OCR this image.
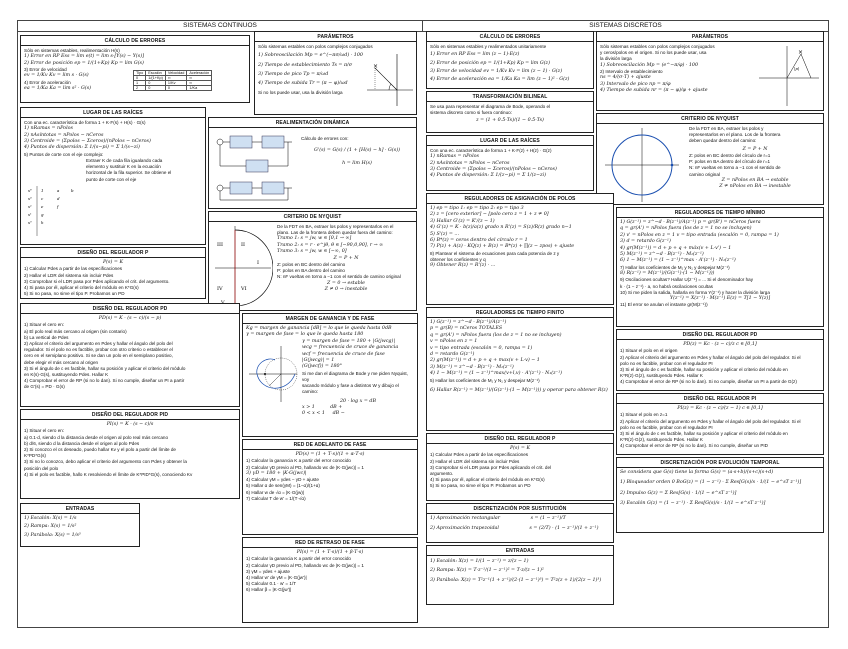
SISTEMAS CONTINUOS	SISTEMAS DISCRETOS
CÁLCULO DE ERRORES
Sólo en sistemas estables, realimentación H(s)
1) Error en RP Ess = lim e(t) = lim s·[Y(s) − Y(s)]
2) Error de posición ep = 1/(1+Kp) Kp = lim G(s)
3) Error de velocidad
ev = 1/Kv Kv = lim s · G(s)
4) Error de aceleración
ea = 1/Ka Ka = lim s² · G(s)
Tipo	Escalón	Velocidad	Aceleración
0	1/(1+Kp)	∞	∞
1	0	1/Kv	∞
2	0	0	1/Ka
PARÁMETROS
Sólo sistemas estables con polos complejos conjugados
1) Sobreoscilación Mp = e^(−πσ/ωd) · 100
2) Tiempo de establecimiento Ts = π/σ
3) Tiempo de pico Tp = π/ωd
4) Tiempo de subida Tr = (π − φ)/ωd
Si no los puede usar, usa la división larga
×
LUGAR DE LAS RAÍCES
Con una ec. característica de forma 1 + K·F(s) + H(s) · G(s)
1) nRamas = nPolos
2) nAsíntotas = nPolos − nCeros
3) Centroide = (Σpolos − Σceros)/(nPolos − nCeros)
4) Puntos de dispersión: Σ 1/(s−pi) = Σ 1/(s−zi)
5) Puntos de corte con el eje complejo:
Extraer K de cada fila igualando cada
elemento y sustituir K en la ecuación
horizontal de la fila superior. Se obtiene el
punto de corte con el eje
s⁴ 1	a	b
s³ c	d
s² e	f
s¹ g
s⁰ h
REALIMENTACIÓN DINÁMICA
Cálculo de errores con:
G'(s) = G(s) / (1 + [H(s) − h] · G(s))
h = lim H(s)
CRITERIO DE NYQUIST
III	II
IV	VI
I
De la FDT en BA, extraer los polos y representarlos en el
plano. Las de la frontera deben quedar fuera del camino:
Tramo 1: s = jw, w ∈ [0,1 → ∞]
Tramo 2: s = r · e^jθ, θ ∈ [−90,0,90], r → ∞
Tramo 3: s = jw, w ∈ [−∞, 0]
Z = P + N
Z: polos en BC dentro del camino
P: polos en BA dentro del camino
N: nF vueltas en torno a −1 con el sentido de camino original
Z = 0 → estable
Z ≠ 0 → inestable
DISEÑO DEL REGULADOR P
P(s) = K
1) Calcular Pdes a partir de las especificaciones
2) Hallar el LDR del sistema sin incluir Pdes
3) Comprobar si el LDR pasa por Pdes aplicando el crit. del argumento.
4) Si pasa por él, aplicar el criterio del módulo en K*G(s)
5) Si no pasa, no sirve el tipo P. Probamos un PD
DISEÑO DEL REGULADOR PD
PD(s) = K · (s − c)/(s − p)
1) Situar el cero en:
a) El polo real más cercano al origen (sin contario)
b) La vertical de Pdes
2) Aplicar el criterio del argumento en Pdes y hallar el ángulo del polo del
regulador. Si el polo no es factible, probar con otro criterio o establecer el
cero en el semiplano positivo. Si se dan un polo en el semiplano positivo,
debe elegir el más cercano al origen
3) Si el ángulo de c es factible, hallar su posición y aplicar el criterio del módulo
en K(s)·G(s), sustituyendo Pdes. Hallar K
4) Comprobar el error de RP (si no lo dan). Si no cumple, diseñar un PI a partir
de G'(s) = PD · G(s)
DISEÑO DEL REGULADOR PID
PI(s) = K · (s − c)/s
1) Situar el cero en:
a) 0.1·d, siendo d la distancia desde el origen al polo real más cercano
b) d/6, siendo d la distancia desde el origen al polo Pdes
2) Si conozco el cs deseado, puedo hallar Kv y el polo a partir del límite de
K*PD*G(s)
3) Si no lo conozco, debo aplicar el criterio del argumento con Pdes y obtener la
posición del polo
4) Si el polo es factible, hallo K resolviendo el límite de K*PID*G(s), conociendo Kv
ENTRADAS
1) Escalón: X(s) = 1/s
2) Rampa: X(s) = 1/s²
3) Parábola: X(s) = 1/s³
MARGEN DE GANANCIA Y DE FASE
Kg = margen de ganancia [dB] = lo que le queda hasta 0dB
γ = margen de fase = lo que le queda hasta 180
γ = margen de fase = 180 + |G(jwcg)|
wcg = frecuencia de cruce de ganancia
wcf = frecuencia de cruce de fase
|G(jwcg)| = 1
(G(jwcf)) = 180°
Si me dan el diagrama de Bode y me piden Nyquist, voy
sacando módulo y fase a distintos W y dibujo el camino:
20 · log x = dB
x > 1          dB +
0 < x < 1     dB −
RED DE ADELANTO DE FASE
PD(s) = (1 + T·s)/(1 + α·T·s)
1) Calcular la ganancia K a partir del error conocido
2) Calcular γD previo al PD, hallando wc de |K·G(jwc)| = 1
3) γD = 180 + |K·G(jwc)|
4) Calcular γM = γdes − γD + ajuste
5) Hallar α de sen(γM) = (1−α)/(1+α)
6) Hallar w de √α = |K·G(jw)|
7) Calcular T de w' = 1/(T·√α)
RED DE RETRASO DE FASE
PI(s) = (1 + T·s)/(1 + β·T·s)
1) Calcular la ganancia K a partir del error conocido
2) Calcular γD previo al PD, hallando wc de |K·G(jwc)| = 1
3) γM = γdes + ajuste
4) Hallar w' de γM = |K·G(jw')|
5) Calcular 0.1 · w' = 1/T
6) Hallar β = |K·G(jw')|
CÁLCULO DE ERRORES
Sólo en sistemas estables y realimentados unitariamente
1) Error en RP Ess = lim (z − 1)·E(z)
2) Error de posición ep = 1/(1+Kp) Kp = lim G(z)
3) Error de velocidad ev = 1/Kv Kv = lim (z − 1) · G(z)
4) Error de aceleración ea = 1/Ka Ka = lim (z − 1)² · G(z)
PARÁMETROS
Sólo sistemas estables con polos complejos conjugados
y ceros/polos en el origen. Si no los puede usar, usa
la división larga
1) Sobreoscilación Mp = (e^−π/φ) · 100
2) Intervalo de establecimiento
ns = 4/(σ·T) + ajuste
3) Intervalo de pico np = π/φ
4) Tiempo de subida nr = (π − φ)/φ + ajuste
×
|p|
TRANSFORMACIÓN BILINEAL
Se usa para representar el diagrama de Bode, operando el
sistema discreto como si fuera continuo:
z = (1 + 0.5·Ts)/(1 − 0.5·Ts)
LUGAR DE LAS RAÍCES
Con una ec. característica de forma 1 + K·F(z) + H(z) · G(z)
1) nRamas = nPolos
2) nAsíntotas = nPolos − nCeros
3) Centroide = (Σpolos − Σceros)/(nPolos − nCeros)
4) Puntos de dispersión: Σ 1/(z−pi) = Σ 1/(z−zi)
CRITERIO DE NYQUIST
De la FDT en BA, extraer los polos y
representarlos en el plano. Los de la frontera
deben quedar dentro del camino:
Z = P + N
Z: polos en BC dentro del círculo de r=1
P: polos en BA dentro del círculo de r=1
N: nF vueltas en torno a −1 con el sentido de
camino original
Z = nPolos en BA → estable
Z ≠ nPolos en BA → inestable
REGULADORES DE ASIGNACIÓN DE POLOS
1) ep = tipo 1: ep = tipo 2: ep = tipo 3
2) z = [cero exterior] − [polo cero z = 1 + z ≠ 0]
3) Hallar G'(z) = K'/(z − 1)
4) G'(z) = K · b(z)/a(z) grado n R'(z) = S(z)/R(z) grado n−1
5) S'(z) = ...
6) B*(z) = ceros dentro del círculo r = 1
7) P(z) + A(z) · KQ(z) + B(z) = B*(z) + ∏(z − zpos) + ajuste
8) Plantear el sistema de ecuaciones para cada potencia de z y
obtener los coeficientes y q
9) Obtener R(z) = R'(z) · ...
REGULADORES DE TIEMPO FINITO
1) G(z⁻¹) = z^−d · B(z⁻¹)/A(z⁻¹)
p = gr(B) = nCeros TOTALES
q = gr(A') = nPolos fuera (los de z = 1 no se incluyen)
v = nPolos en z = 1
v = tipo entrada (escalón = 0, rampa = 1)
d = retardo G(z⁻¹)
2) gr(M(z⁻¹)) = d + p + q + max(v + L·v) − 1
3) M(z⁻¹) = z^−d · B(z⁻¹) · M₁(z⁻¹)
4) 1 − M(z⁻¹) = (1 − z⁻¹)^max(v+l,v) · A'(z⁻¹) · N₁(z⁻¹)
5) Hallar los coeficientes de M₁ y N₁ y despejar M(z⁻¹)
6) Hallar R(z⁻¹) = M(z⁻¹)/(G(z⁻¹)·(1 − M(z⁻¹))) y operar para obtener R(z)
REGULADORES DE TIEMPO MÍNIMO
1) G(z⁻¹) = z^−d · B(z⁻¹)/A(z⁻¹) p = gr(B') = nCeros fuera
q = gr(A') = nPolos fuera (los de z = 1 no se incluyen)
2) v' = nPolos en z = 1 v = tipo entrada (escalón = 0, rampa = 1)
3) d = retardo G(z⁻¹)
4) gr(M(z⁻¹)) = d + p + q + máx(v + L·v') − 1
5) M(z⁻¹) = z^−d · B(z⁻¹) · M₁(z⁻¹)
6) 1 − M(z⁻¹) = (1 − z⁻¹)^max · A'(z⁻¹) · N₁(z⁻¹)
7) Hallar los coeficientes de M₁ y N₁ y despejar M(z⁻¹)
8) R(z⁻¹) = M(z⁻¹)/(G(z⁻¹)·(1 − M(z⁻¹)))
9) Oscilaciones ocultas? Hallar U(z⁻¹) = ... Si el denominador hay
k · (1 − z⁻¹) · a, no habrá oscilaciones ocultas
10) Si me piden la salida, hallarla en forma Y(z⁻¹) y hacer la división larga
Y(z⁻¹) = X(z⁻¹) · M(z⁻¹) E(z) = T[1 − Y(z)]
11) El error se anulan el instante gr(M(z⁻¹))
DISEÑO DEL REGULADOR PD
PD(z) = Kc · (z − c)/z c ∈ [0,1]
1) Situar el polo en el origen
2) Aplicar el criterio del argumento en Pdes y hallar el ángulo del polo del regulador. Si el
polo no es factible, probar con el regulador PI
3) Si el ángulo de c es factible, hallar su posición y aplicar el criterio del módulo en
K*R(z)·G(z), sustituyendo Pdes. Hallar K
4) Comprobar el error de RP (si no lo dan). Si no cumple, diseñar un PI a partir de G(z)
DISEÑO DEL REGULADOR PI
PI(z) = Kc · (z − c)/(z − 1) c ∈ [0,1]
1) Situar el polo en z=1
2) Aplicar el criterio del argumento en Pdes y hallar el ángulo del polo del regulador. Si el
polo no es factible, probar con el regulador PI
3) Si el ángulo de c es factible, hallar su posición y aplicar el criterio del módulo en
K*R(z)·G(z), sustituyendo Pdes. Hallar K
4) Comprobar el error de RP (si no lo dan). Si no cumple, diseñar un PID
DISEÑO DEL REGULADOR P
P(s) = K
1) Calcular Pdes a partir de las especificaciones
2) Hallar el LDR del sistema sin incluir Pdes
3) Comprobar si el LDR pasa por Pdes aplicando el crit. del
argumento.
4) Si pasa por él, aplicar el criterio del módulo en K*G(s)
5) Si no pasa, no sirve el tipo P. Probamos un PD
DISCRETIZACIÓN POR SUSTITUCIÓN
1) Aproximación rectangular                    s = (1 − z⁻¹)/T
2) Aproximación trapezoidal                    s = (2/T) · (1 − z⁻¹)/(1 + z⁻¹)
DISCRETIZACIÓN POR EVOLUCIÓN TEMPORAL
Se considera que G(s) tiene la forma G(s) = (a·s+b)/(s+c)(s+d)
1) Bloqueador orden 0 BoG(z) = (1 − z⁻¹) · Σ Res[G(s)/s · 1/(1 − e^sT z⁻¹)]
2) Impulso G(z) = Σ Res[G(s) · 1/(1 − e^sT z⁻¹)]
3) Escalón G(z) = (1 − z⁻¹) · Σ Res[G(s)/s · 1/(1 − e^sT z⁻¹)]
ENTRADAS
1) Escalón: X(z) = 1/(1 − z⁻¹) = z/(z − 1)
2) Rampa: X(z) = T·z⁻¹/(1 − z⁻¹)² = T·z/(z − 1)²
3) Parábola: X(z) = T²z⁻¹(1 + z⁻¹)/(2·(1 − z⁻¹)³) = T²z(z + 1)/(2(z − 1)³)
